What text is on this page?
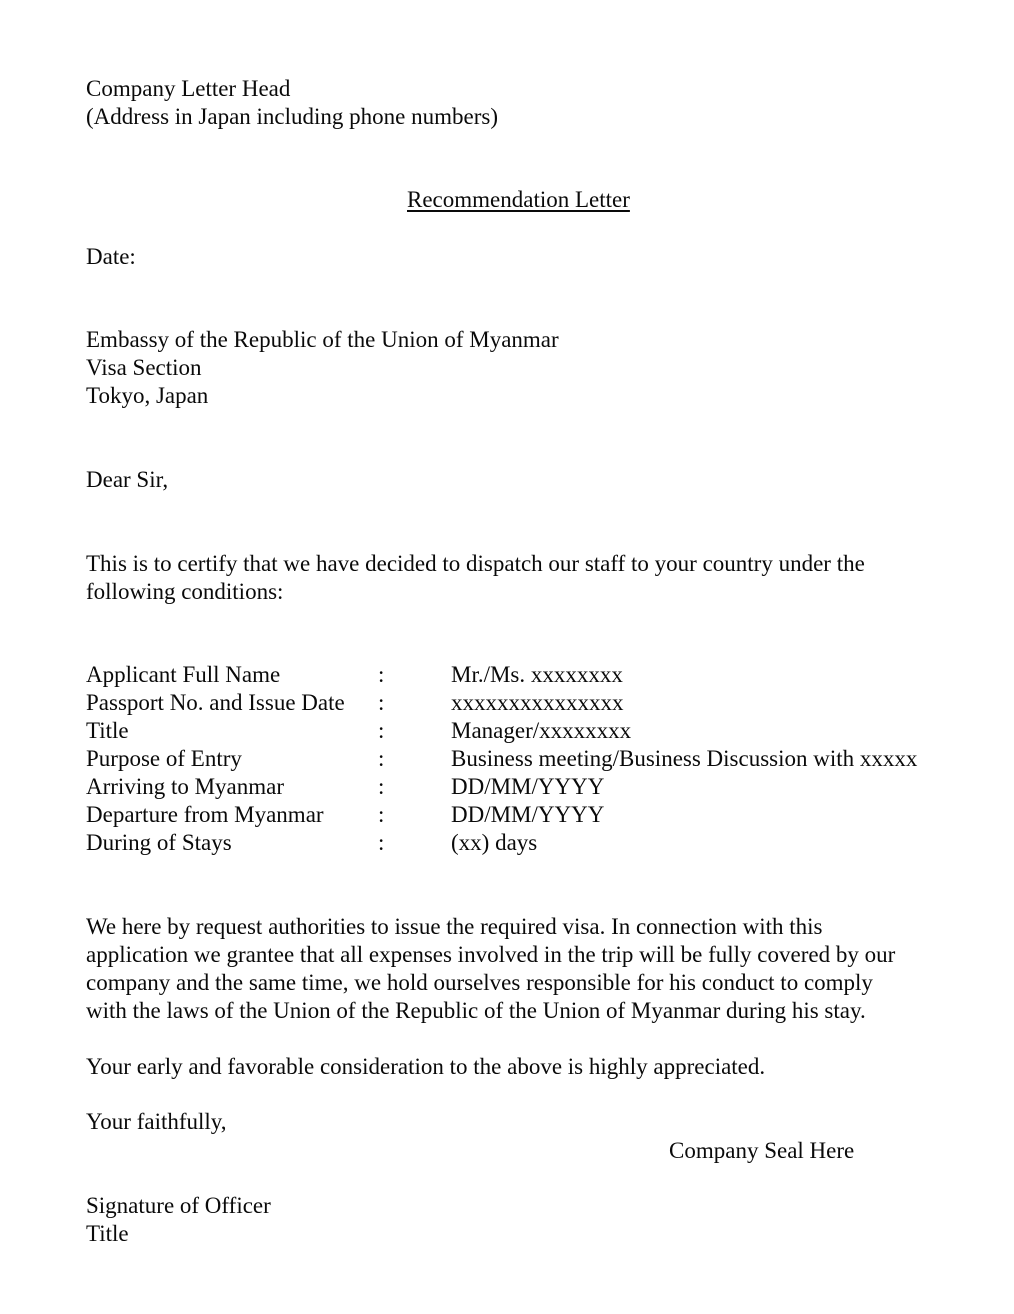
Company Letter Head
(Address in Japan including phone numbers)
Recommendation Letter
Date:
Embassy of the Republic of the Union of Myanmar
Visa Section
Tokyo, Japan
Dear Sir,
This is to certify that we have decided to dispatch our staff to your country under the
following conditions:
Applicant Full Name	:	Mr./Ms. xxxxxxxx
Passport No. and Issue Date :	xxxxxxxxxxxxxxx
Title	:	Manager/xxxxxxxx
Purpose of Entry	:	Business meeting/Business Discussion with xxxxx
Arriving to Myanmar	:	DD/MM/YYYY
Departure from Myanmar :	DD/MM/YYYY
During of Stays	:	(xx) days
We here by request authorities to issue the required visa. In connection with this
application we grantee that all expenses involved in the trip will be fully covered by our
company and the same time, we hold ourselves responsible for his conduct to comply
with the laws of the Union of the Republic of the Union of Myanmar during his stay.
Your early and favorable consideration to the above is highly appreciated.
Your faithfully,
Company Seal Here
Signature of Officer
Title
